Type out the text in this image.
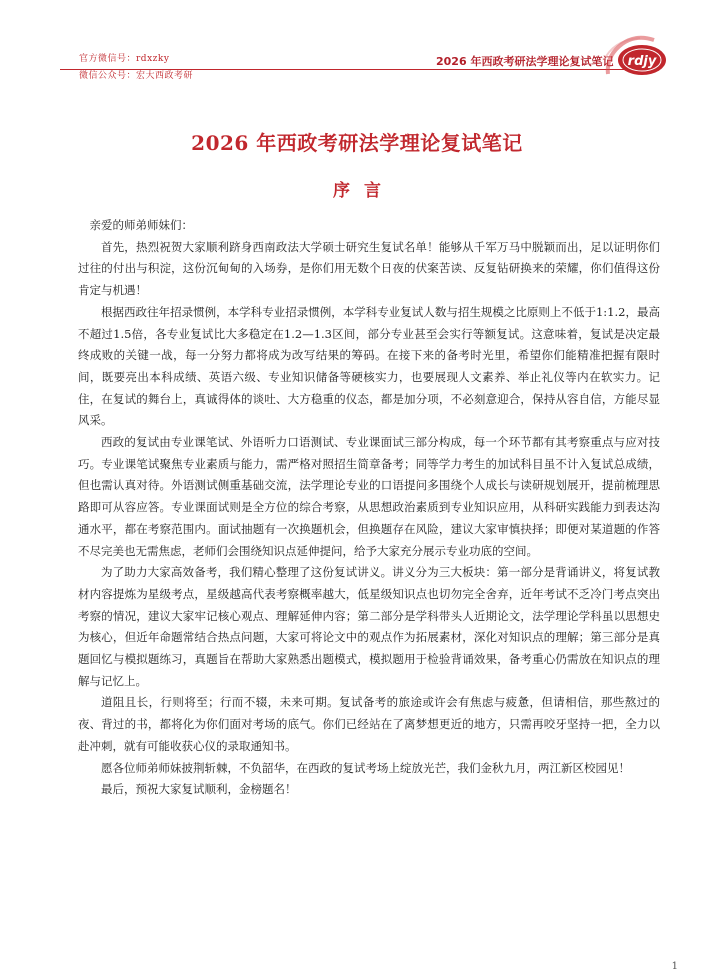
官方微信号：rdxzky
微信公众号：宏大西政考研
2026 年西政考研法学理论复试笔记 rdjy
2026 年西政考研法学理论复试笔记
序言

亲爱的师弟师妹们：

首先，热烈祝贺大家顺利跻身西南政法大学硕士研究生复试名单！能够从千军万马中脱颖而出，足以证明你们过往的付出与积淀，这份沉甸甸的入场券，是你们用无数个日夜的伏案苦读、反复钻研换来的荣耀，你们值得这份肯定与机遇！

根据西政往年招录惯例，本学科专业招录惯例，本学科专业复试人数与招生规模之比原则上不低于1:1.2，最高不超过1.5倍，各专业复试比大多稳定在1.2—1.3区间，部分专业甚至会实行等额复试。这意味着，复试是决定最终成败的关键一战，每一分努力都将成为改写结果的筹码。在接下来的备考时光里，希望你们能精准把握有限时间，既要亮出本科成绩、英语六级、专业知识储备等硬核实力，也要展现人文素养、举止礼仪等内在软实力。记住，在复试的舞台上，真诚得体的谈吐、大方稳重的仪态，都是加分项，不必刻意迎合，保持从容自信，方能尽显风采。

西政的复试由专业课笔试、外语听力口语测试、专业课面试三部分构成，每一个环节都有其考察重点与应对技巧。专业课笔试聚焦专业素质与能力，需严格对照招生简章备考；同等学力考生的加试科目虽不计入复试总成绩，但也需认真对待。外语测试侧重基础交流，法学理论专业的口语提问多围绕个人成长与读研规划展开，提前梳理思路即可从容应答。专业课面试则是全方位的综合考察，从思想政治素质到专业知识应用，从科研实践能力到表达沟通水平，都在考察范围内。面试抽题有一次换题机会，但换题存在风险，建议大家审慎抉择；即便对某道题的作答不尽完美也无需焦虑，老师们会围绕知识点延伸提问，给予大家充分展示专业功底的空间。

为了助力大家高效备考，我们精心整理了这份复试讲义。讲义分为三大板块：第一部分是背诵讲义，将复试教材内容提炼为星级考点，星级越高代表考察概率越大，低星级知识点也切勿完全舍弃，近年考试不乏冷门考点突出考察的情况，建议大家牢记核心观点、理解延伸内容；第二部分是学科带头人近期论文，法学理论学科虽以思想史为核心，但近年命题常结合热点问题，大家可将论文中的观点作为拓展素材，深化对知识点的理解；第三部分是真题回忆与模拟题练习，真题旨在帮助大家熟悉出题模式，模拟题用于检验背诵效果，备考重心仍需放在知识点的理解与记忆上。

道阻且长，行则将至；行而不辍，未来可期。复试备考的旅途或许会有焦虑与疲惫，但请相信，那些熬过的夜、背过的书，都将化为你们面对考场的底气。你们已经站在了离梦想更近的地方，只需再咬牙坚持一把，全力以赴冲刺，就有可能收获心仪的录取通知书。

愿各位师弟师妹披荆斩棘，不负韶华，在西政的复试考场上绽放光芒，我们金秋九月，两江新区校园见！

最后，预祝大家复试顺利，金榜题名！

1
